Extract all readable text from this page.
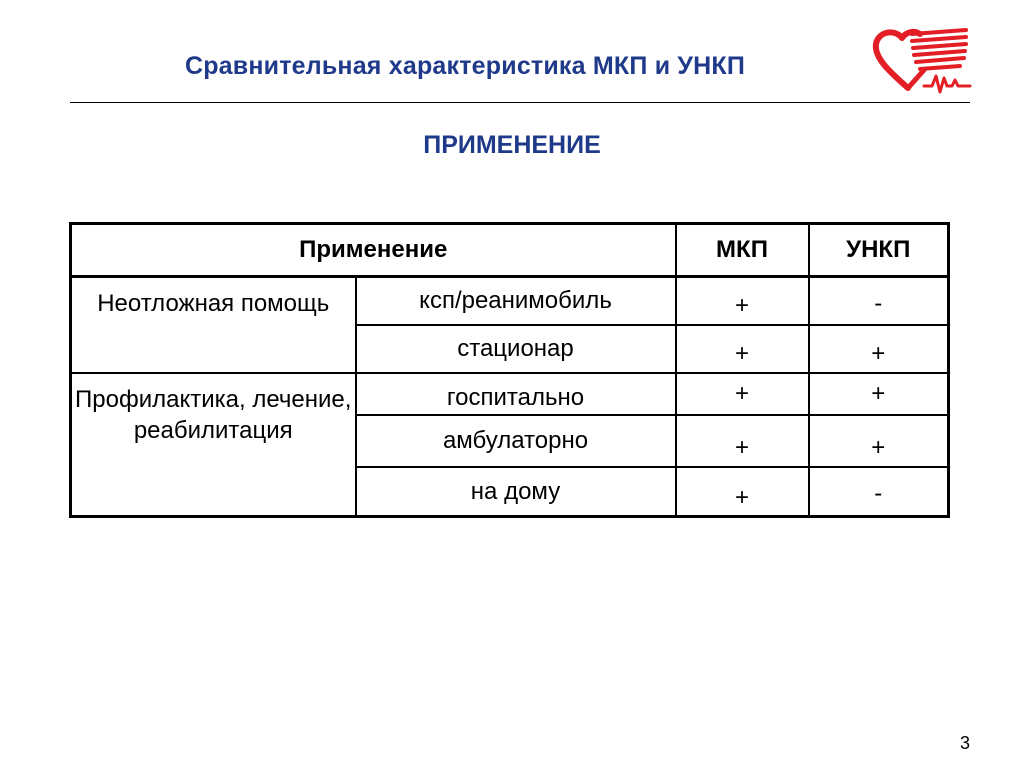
Сравнительная характеристика МКП и УНКП
ПРИМЕНЕНИЕ
Применение		МКП	УНКП
Неотложная помощь	ксп/реанимобиль	+	-
	стационар	+	+
Профилактика, лечение, реабилитация	госпитально	+	+
	амбулаторно	+	+
	на дому	+	-
3
